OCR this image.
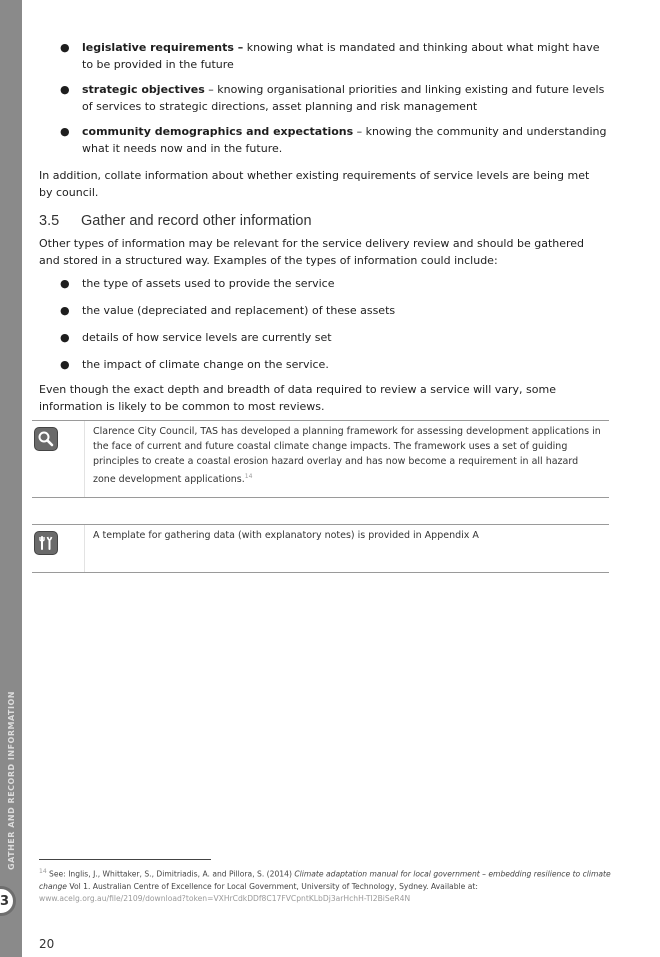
GATHER AND RECORD INFORMATION
3
● legislative requirements – knowing what is mandated and thinking about what might have to be provided in the future
● strategic objectives – knowing organisational priorities and linking existing and future levels of services to strategic directions, asset planning and risk management
● community demographics and expectations – knowing the community and understanding what it needs now and in the future.

In addition, collate information about whether existing requirements of service levels are being met by council.

3.5 Gather and record other information

Other types of information may be relevant for the service delivery review and should be gathered and stored in a structured way. Examples of the types of information could include:

● the type of assets used to provide the service
● the value (depreciated and replacement) of these assets
● details of how service levels are currently set
● the impact of climate change on the service.

Even though the exact depth and breadth of data required to review a service will vary, some information is likely to be common to most reviews.

Clarence City Council, TAS has developed a planning framework for assessing development applications in the face of current and future coastal climate change impacts. The framework uses a set of guiding principles to create a coastal erosion hazard overlay and has now become a requirement in all hazard zone development applications.$^{14}$
A template for gathering data (with explanatory notes) is provided in Appendix A
$^{14}$ See: Inglis, J., Whittaker, S., Dimitriadis, A. and Pillora, S. (2014) Climate adaptation manual for local government – embedding resilience to climate change Vol 1. Australian Centre of Excellence for Local Government, University of Technology, Sydney. Available at:
www.acelg.org.au/file/2109/download?token=VXHrCdkDDf8C17FVCpntKLbDj3arHchH-TI2BiSeR4N
20
